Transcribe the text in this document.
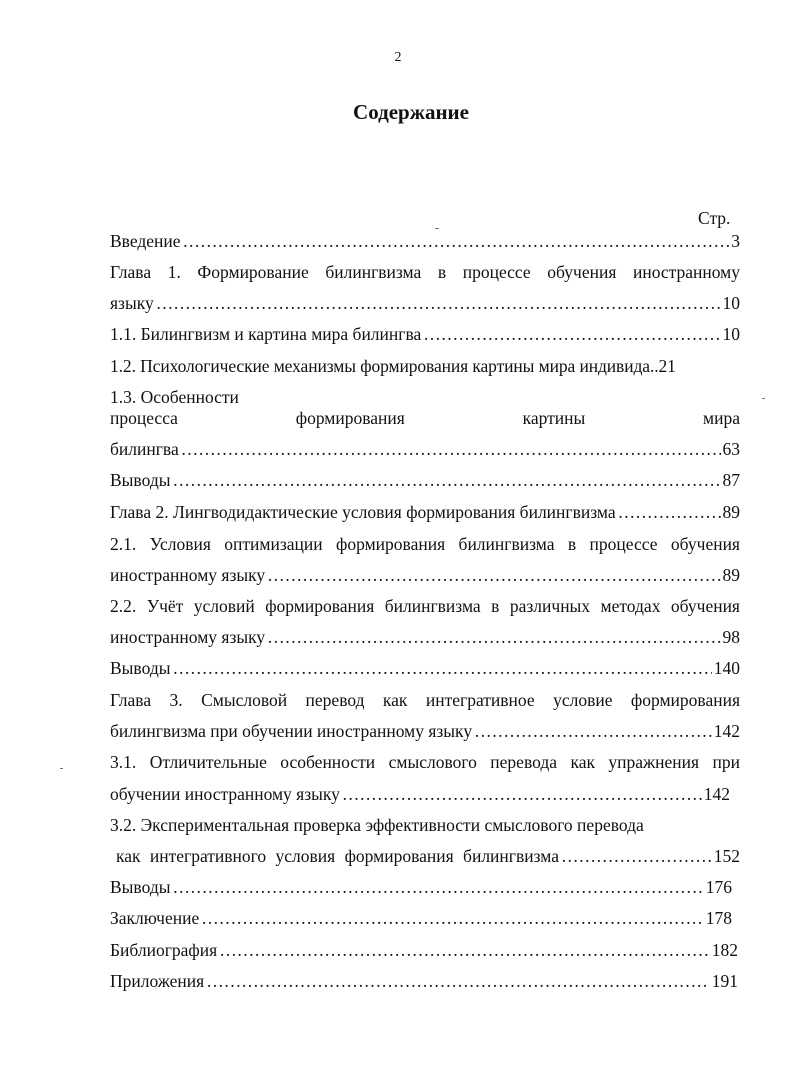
2
Содержание
Стр.
Введение ……………………………………………………………………………………………………………………………………………………………………	3
Глава 1. Формирование билингвизма в процессе обучения иностранному
языку ……………………………………………………………………………………………………………………………………………………………………	10
1.1. Билингвизм и картина мира билингва ……………………………………………………………………………………………………………………………………………………………………	10
1.2. Психологические механизмы формирования картины мира индивида..21
1.3. Особенности
процесса формирования картины мира
билингва ……………………………………………………………………………………………………………………………………………………………………	63
Выводы ……………………………………………………………………………………………………………………………………………………………………	87
Глава 2. Лингводидактические условия формирования билингвизма ……………………………………………………………………………………………………………………………………………………………………	89
2.1. Условия оптимизации формирования билингвизма в процессе обучения
иностранному языку ……………………………………………………………………………………………………………………………………………………………………	89
2.2. Учёт условий формирования билингвизма в различных методах обучения
иностранному языку ……………………………………………………………………………………………………………………………………………………………………	98
Выводы ……………………………………………………………………………………………………………………………………………………………………	140
Глава 3. Смысловой перевод как интегративное условие формирования
билингвизма при обучении иностранному языку ……………………………………………………………………………………………………………………………………………………………………	142
3.1. Отличительные особенности смыслового перевода как упражнения при
обучении иностранному языку ……………………………………………………………………………………………………………………………………………………………………	142
3.2. Экспериментальная проверка эффективности смыслового перевода
как интегративного условия формирования билингвизма ……………………………………………………………………………………………………………………………………………………………………	152
Выводы ……………………………………………………………………………………………………………………………………………………………………	176
Заключение ……………………………………………………………………………………………………………………………………………………………………	178
Библиография ……………………………………………………………………………………………………………………………………………………………………	182
Приложения ……………………………………………………………………………………………………………………………………………………………………	191
